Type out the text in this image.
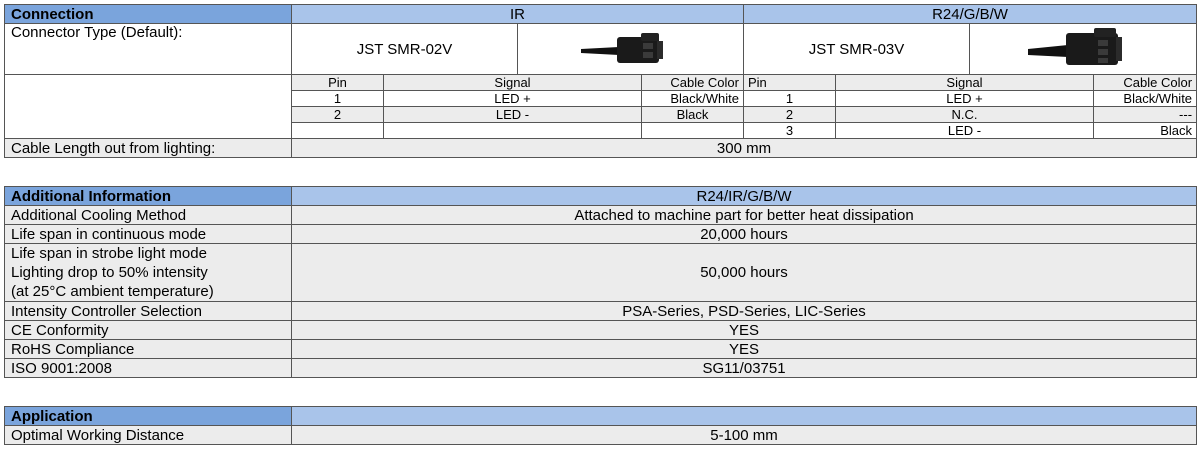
Connection	IR				R24/G/B/W			
Connector Type (Default):	JST SMR-02V				JST SMR-03V	

	Pin	Signal		Cable Color	Pin	Signal		Cable Color
	1	LED +		Black/White	1	LED +		Black/White
	2	LED -		Black	2	N.C.		---
					3	LED -		Black
Cable Length out from lighting:	300 mm							
Additional Information	R24/IR/G/B/W
Additional Cooling Method	Attached to machine part for better heat dissipation
Life span in continuous mode	20,000 hours

Life span in strobe light mode
Lighting drop to 50% intensity
(at 25°C ambient temperature)	50,000 hours
Intensity Controller Selection	PSA-Series, PSD-Series, LIC-Series
CE Conformity	YES
RoHS Compliance	YES
ISO 9001:2008	SG11/03751
Application	
Optimal Working Distance	5-100 mm
